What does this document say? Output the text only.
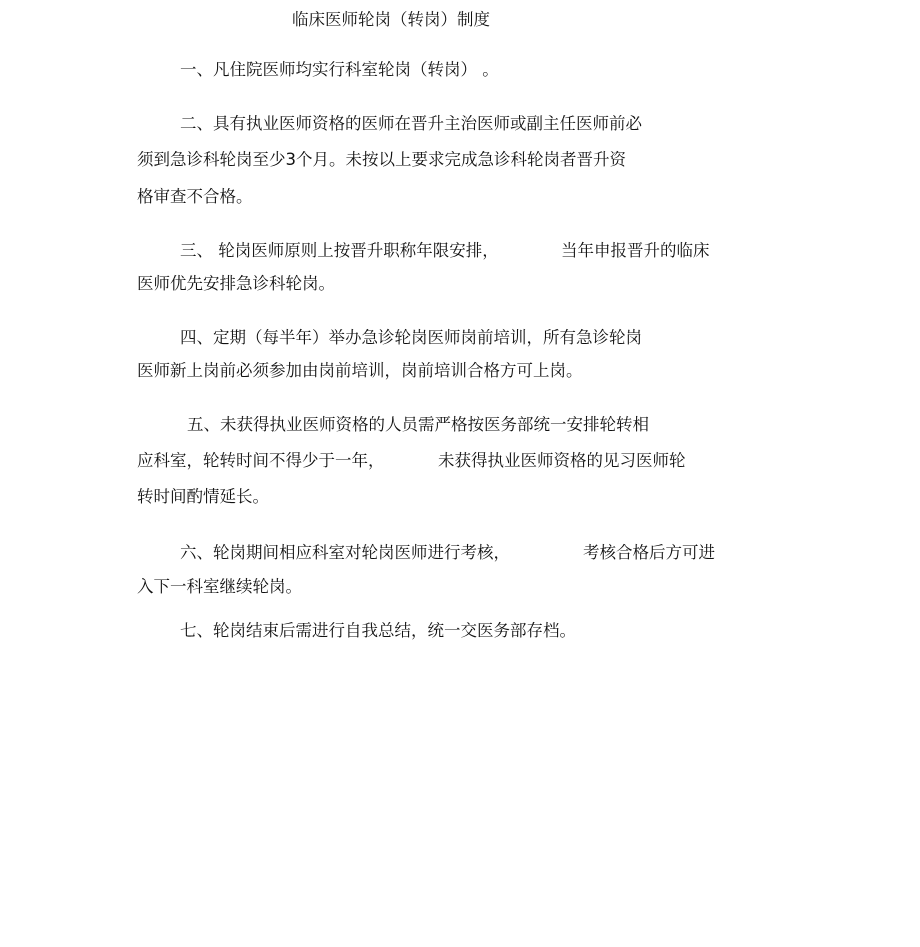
临床医师轮岗（转岗）制度
一、凡住院医师均实行科室轮岗（转岗） 。
二、具有执业医师资格的医师在晋升主治医师或副主任医师前必
须到急诊科轮岗至少3个月。未按以上要求完成急诊科轮岗者晋升资
格审查不合格。
三、 轮岗医师原则上按晋升职称年限安排，	当年申报晋升的临床
医师优先安排急诊科轮岗。
四、定期（每半年）举办急诊轮岗医师岗前培训，所有急诊轮岗
医师新上岗前必须参加由岗前培训，岗前培训合格方可上岗。
五、未获得执业医师资格的人员需严格按医务部统一安排轮转相
应科室，轮转时间不得少于一年，	未获得执业医师资格的见习医师轮
转时间酌情延长。
六、轮岗期间相应科室对轮岗医师进行考核，	考核合格后方可进
入下一科室继续轮岗。
七、轮岗结束后需进行自我总结，统一交医务部存档。
